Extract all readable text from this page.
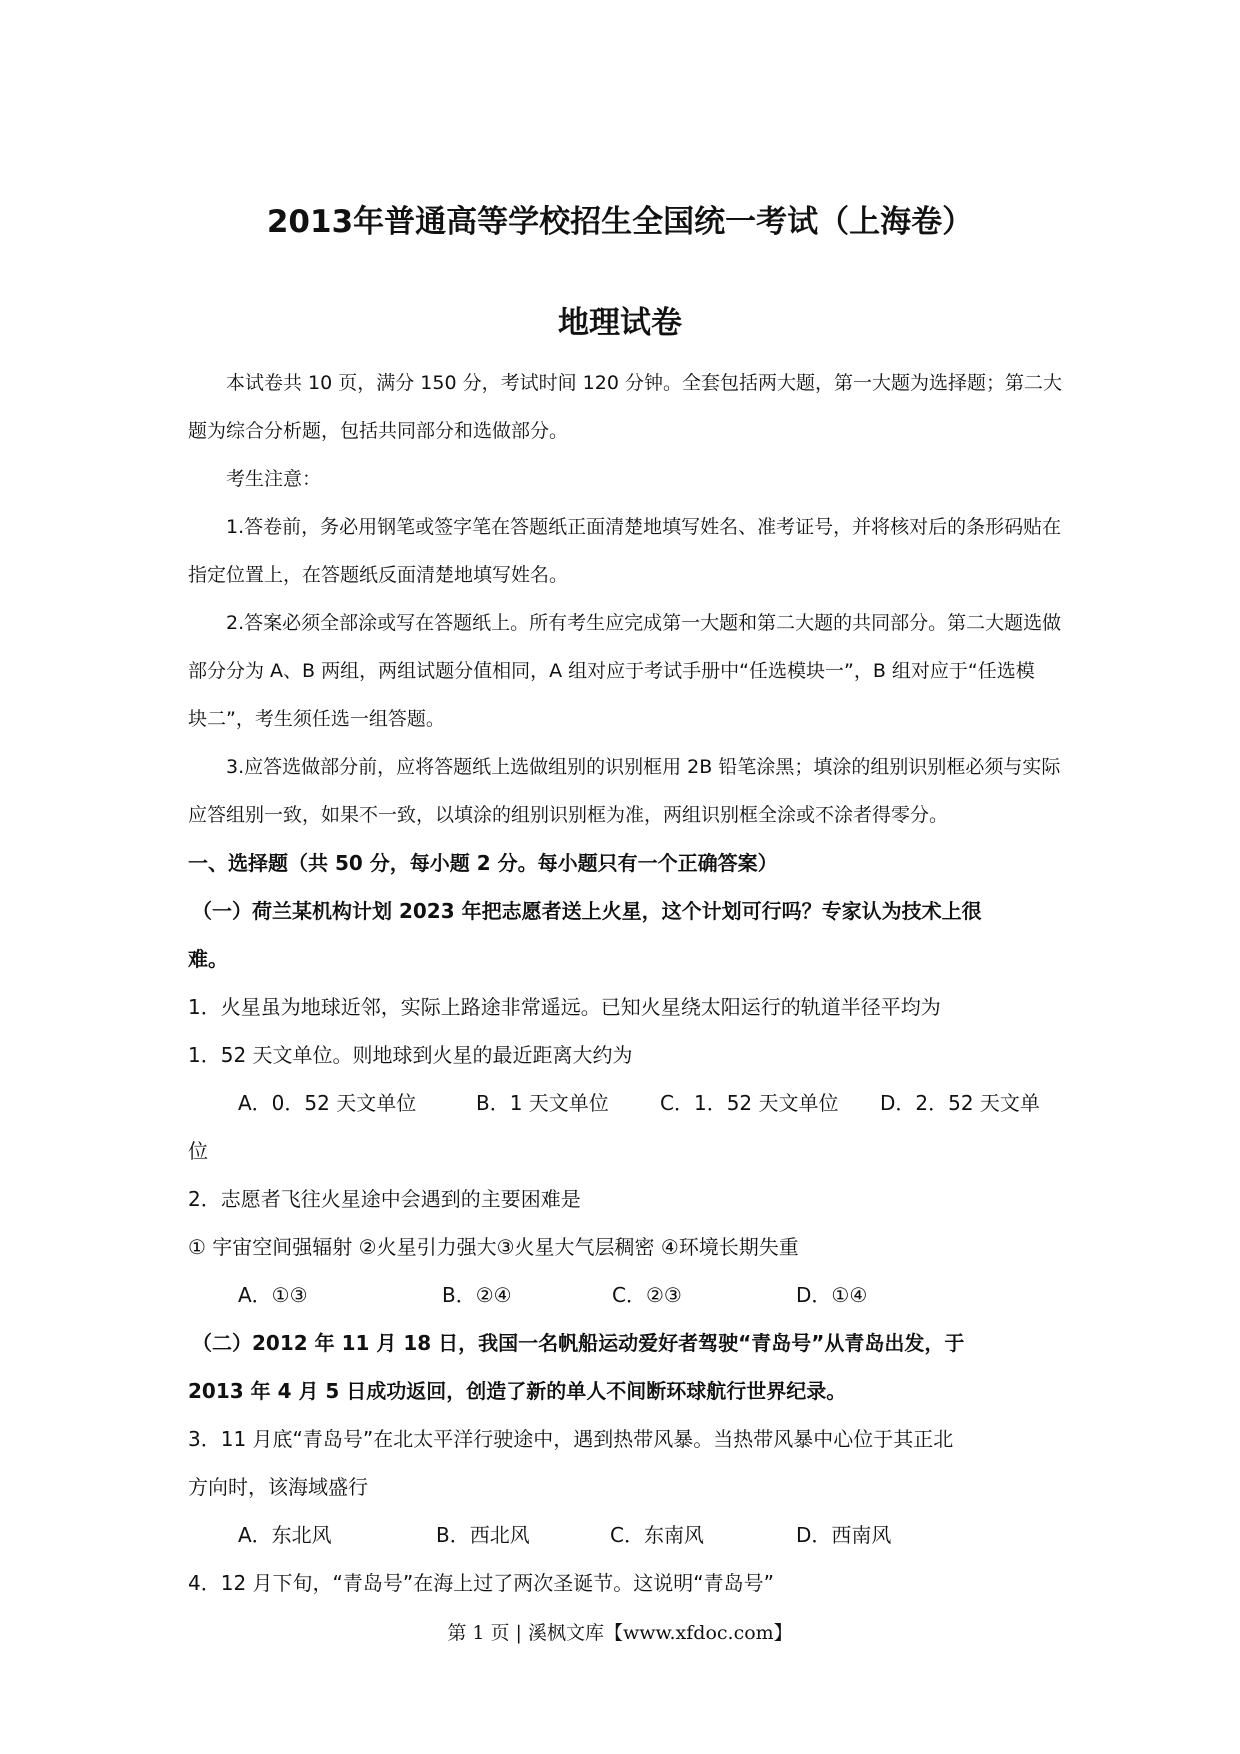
2013年普通高等学校招生全国统一考试（上海卷）
地理试卷
本试卷共 10 页，满分 150 分，考试时间 120 分钟。全套包括两大题，第一大题为选择题；第二大
题为综合分析题，包括共同部分和选做部分。
考生注意：
1.答卷前，务必用钢笔或签字笔在答题纸正面清楚地填写姓名、准考证号，并将核对后的条形码贴在
指定位置上，在答题纸反面清楚地填写姓名。
2.答案必须全部涂或写在答题纸上。所有考生应完成第一大题和第二大题的共同部分。第二大题选做
部分分为 A、B 两组，两组试题分值相同，A 组对应于考试手册中“任选模块一”，B 组对应于“任选模
块二”，考生须任选一组答题。
3.应答选做部分前，应将答题纸上选做组别的识别框用 2B 铅笔涂黑；填涂的组别识别框必须与实际
应答组别一致，如果不一致，以填涂的组别识别框为准，两组识别框全涂或不涂者得零分。
一、选择题（共 50 分，每小题 2 分。每小题只有一个正确答案）
（一）荷兰某机构计划 2023 年把志愿者送上火星，这个计划可行吗？专家认为技术上很
难。
1．火星虽为地球近邻，实际上路途非常遥远。已知火星绕太阳运行的轨道半径平均为
1．52 天文单位。则地球到火星的最近距离大约为
A．0．52 天文单位	B．1 天文单位	C．1．52 天文单位 D．2．52 天文单
位
2．志愿者飞往火星途中会遇到的主要困难是
① 宇宙空间强辐射 ②火星引力强大③火星大气层稠密 ④环境长期失重
A．①③	B．②④	C．②③	D．①④
（二）2012 年 11 月 18 日，我国一名帆船运动爱好者驾驶“青岛号”从青岛出发，于
2013 年 4 月 5 日成功返回，创造了新的单人不间断环球航行世界纪录。
3．11 月底“青岛号”在北太平洋行驶途中，遇到热带风暴。当热带风暴中心位于其正北
方向时，该海域盛行
A．东北风	B．西北风	C．东南风	D．西南风
4．12 月下旬，“青岛号”在海上过了两次圣诞节。这说明“青岛号”
第 1 页 | 溪枫文库【www.xfdoc.com】
